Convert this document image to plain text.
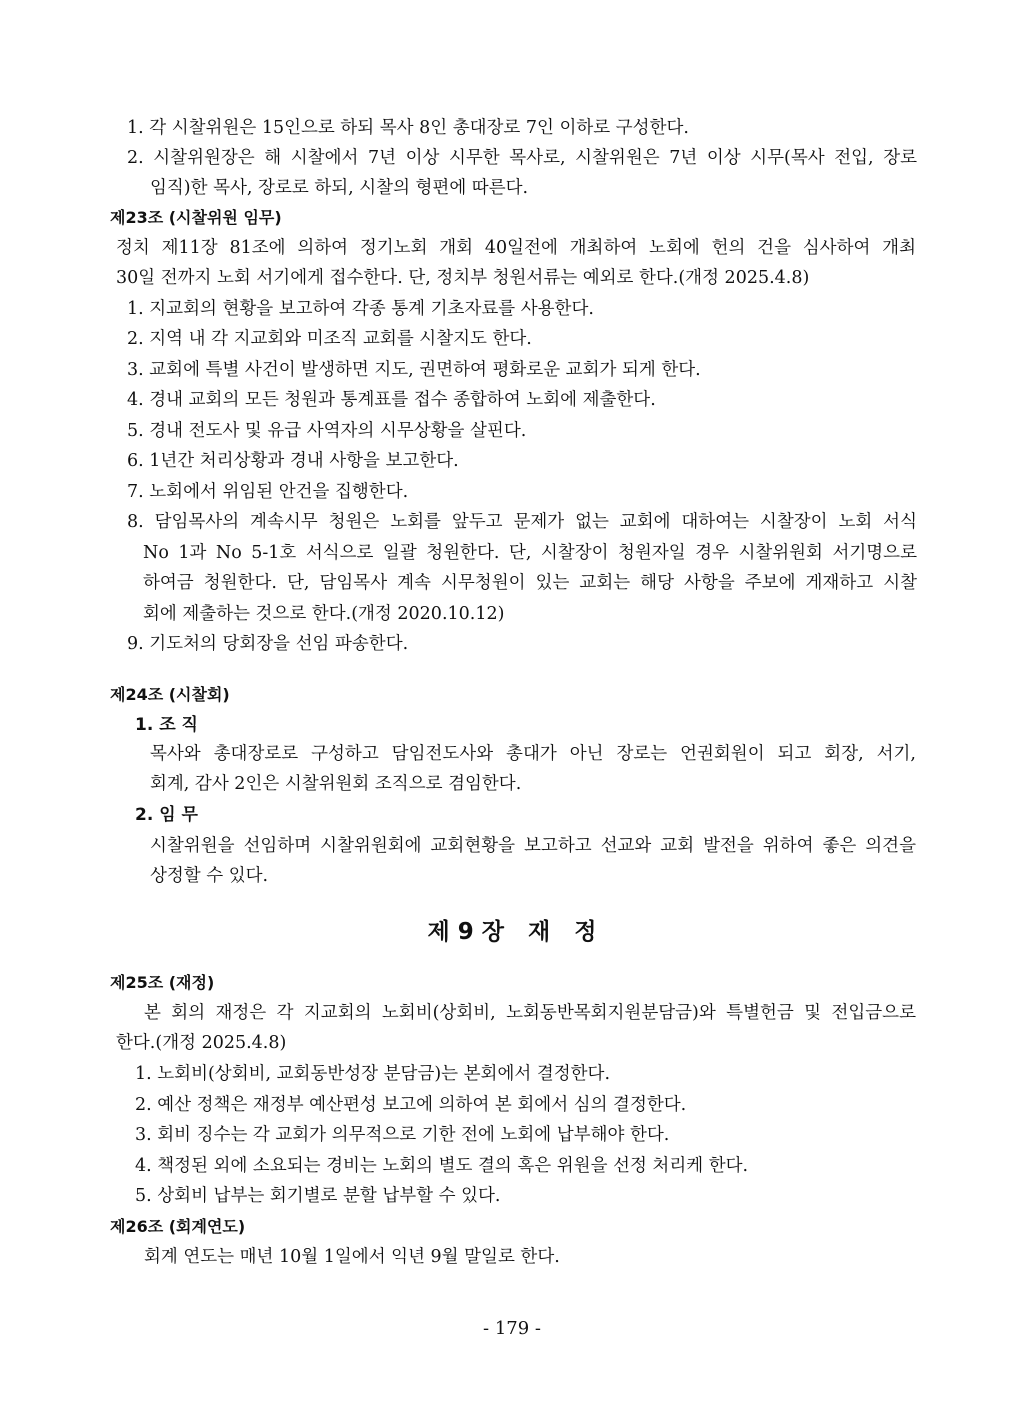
1. 각 시찰위원은 15인으로 하되 목사 8인 총대장로 7인 이하로 구성한다.
2. 시찰위원장은 해 시찰에서 7년 이상 시무한 목사로, 시찰위원은 7년 이상 시무(목사 전입, 장로
임직)한 목사, 장로로 하되, 시찰의 형편에 따른다.
제23조 (시찰위원 임무)
정치 제11장 81조에 의하여 정기노회 개회 40일전에 개최하여 노회에 헌의 건을 심사하여 개최
30일 전까지 노회 서기에게 접수한다. 단, 정치부 청원서류는 예외로 한다.(개정 2025.4.8)
1. 지교회의 현황을 보고하여 각종 통계 기초자료를 사용한다.
2. 지역 내 각 지교회와 미조직 교회를 시찰지도 한다.
3. 교회에 특별 사건이 발생하면 지도, 권면하여 평화로운 교회가 되게 한다.
4. 경내 교회의 모든 청원과 통계표를 접수 종합하여 노회에 제출한다.
5. 경내 전도사 및 유급 사역자의 시무상황을 살핀다.
6. 1년간 처리상황과 경내 사항을 보고한다.
7. 노회에서 위임된 안건을 집행한다.
8. 담임목사의 계속시무 청원은 노회를 앞두고 문제가 없는 교회에 대하여는 시찰장이 노회 서식
No 1과 No 5-1호 서식으로 일괄 청원한다. 단, 시찰장이 청원자일 경우 시찰위원회 서기명으로
하여금 청원한다. 단, 담임목사 계속 시무청원이 있는 교회는 해당 사항을 주보에 게재하고 시찰
회에 제출하는 것으로 한다.(개정 2020.10.12)
9. 기도처의 당회장을 선임 파송한다.
제24조 (시찰회)
1. 조 직
목사와 총대장로로 구성하고 담임전도사와 총대가 아닌 장로는 언권회원이 되고 회장, 서기,
회계, 감사 2인은 시찰위원회 조직으로 겸임한다.
2. 임 무
시찰위원을 선임하며 시찰위원회에 교회현황을 보고하고 선교와 교회 발전을 위하여 좋은 의견을
상정할 수 있다.
제 9 장   재   정
제25조 (재정)
본 회의 재정은 각 지교회의 노회비(상회비, 노회동반목회지원분담금)와 특별헌금 및 전입금으로
한다.(개정 2025.4.8)
1. 노회비(상회비, 교회동반성장 분담금)는 본회에서 결정한다.
2. 예산 정책은 재정부 예산편성 보고에 의하여 본 회에서 심의 결정한다.
3. 회비 징수는 각 교회가 의무적으로 기한 전에 노회에 납부해야 한다.
4. 책정된 외에 소요되는 경비는 노회의 별도 결의 혹은 위원을 선정 처리케 한다.
5. 상회비 납부는 회기별로 분할 납부할 수 있다.
제26조 (회계연도)
회계 연도는 매년 10월 1일에서 익년 9월 말일로 한다.
- 179 -
